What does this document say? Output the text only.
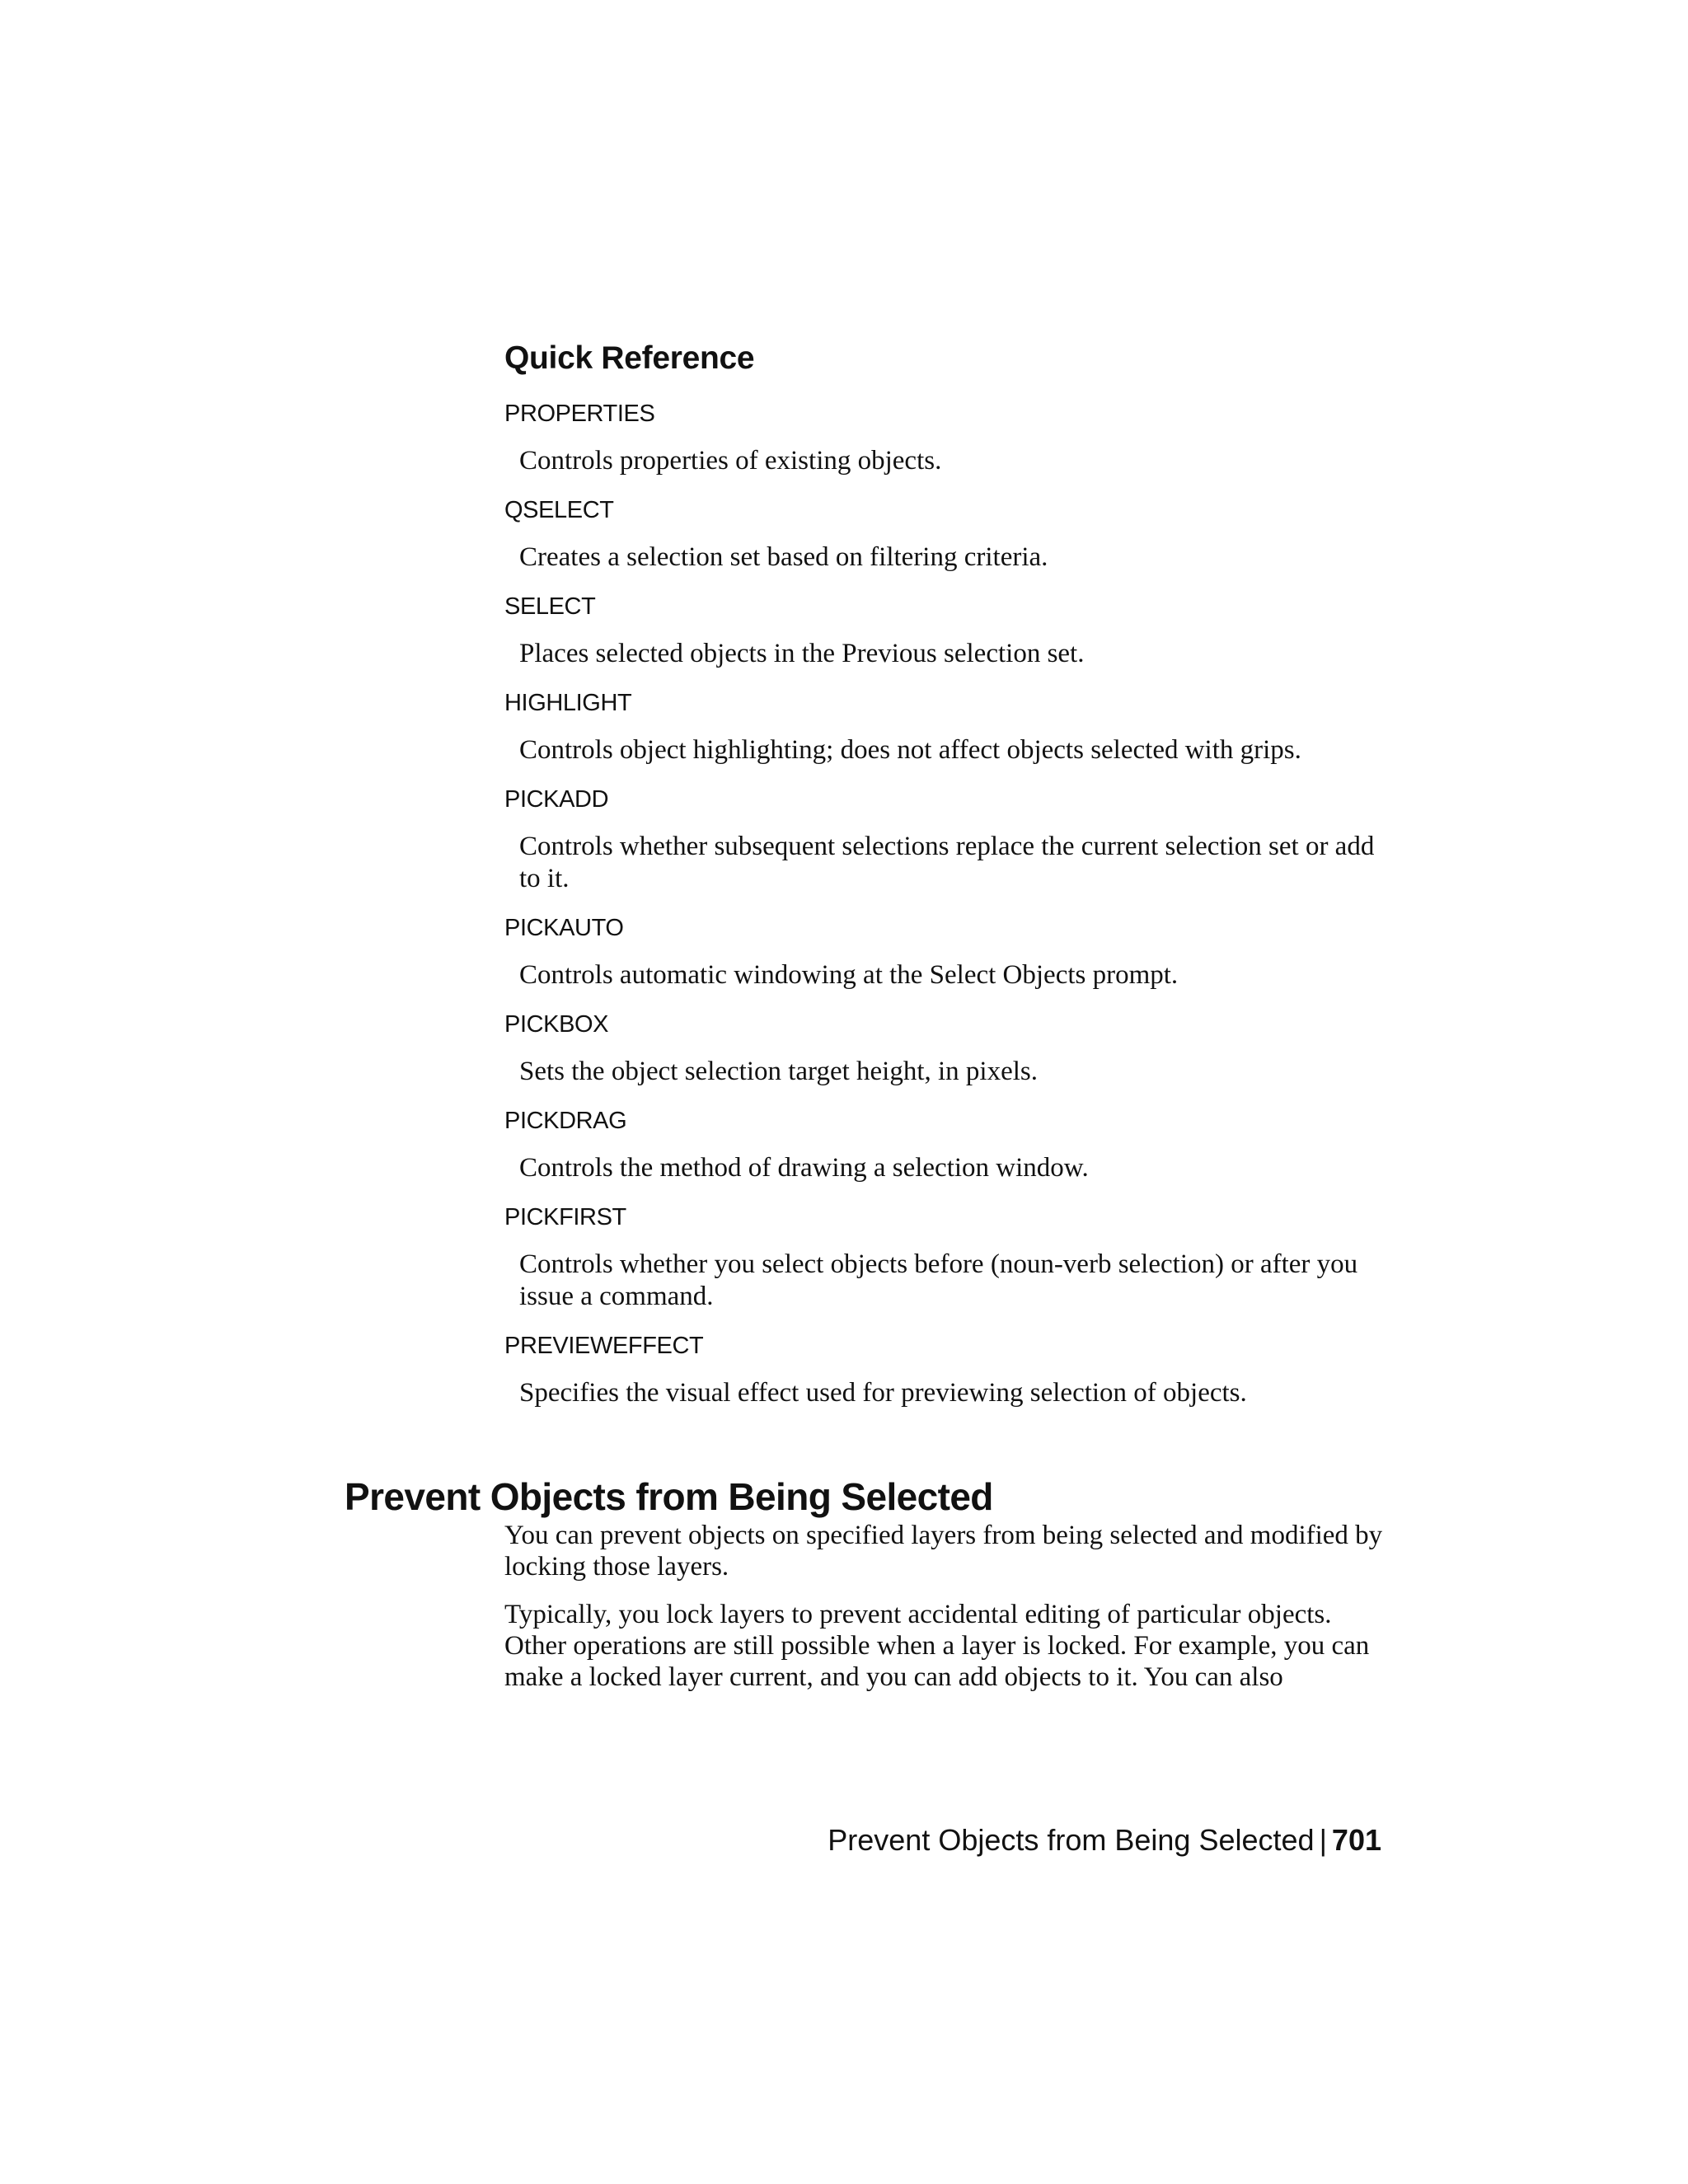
Quick Reference
PROPERTIES
Controls properties of existing objects.
QSELECT
Creates a selection set based on filtering criteria.
SELECT
Places selected objects in the Previous selection set.
HIGHLIGHT
Controls object highlighting; does not affect objects selected with grips.
PICKADD
Controls whether subsequent selections replace the current selection set or add to it.
PICKAUTO
Controls automatic windowing at the Select Objects prompt.
PICKBOX
Sets the object selection target height, in pixels.
PICKDRAG
Controls the method of drawing a selection window.
PICKFIRST
Controls whether you select objects before (noun-verb selection) or after you issue a command.
PREVIEWEFFECT
Specifies the visual effect used for previewing selection of objects.
Prevent Objects from Being Selected

You can prevent objects on specified layers from being selected and modified by locking those layers.

Typically, you lock layers to prevent accidental editing of particular objects. Other operations are still possible when a layer is locked. For example, you can make a locked layer current, and you can add objects to it. You can also

Prevent Objects from Being Selected | 701
